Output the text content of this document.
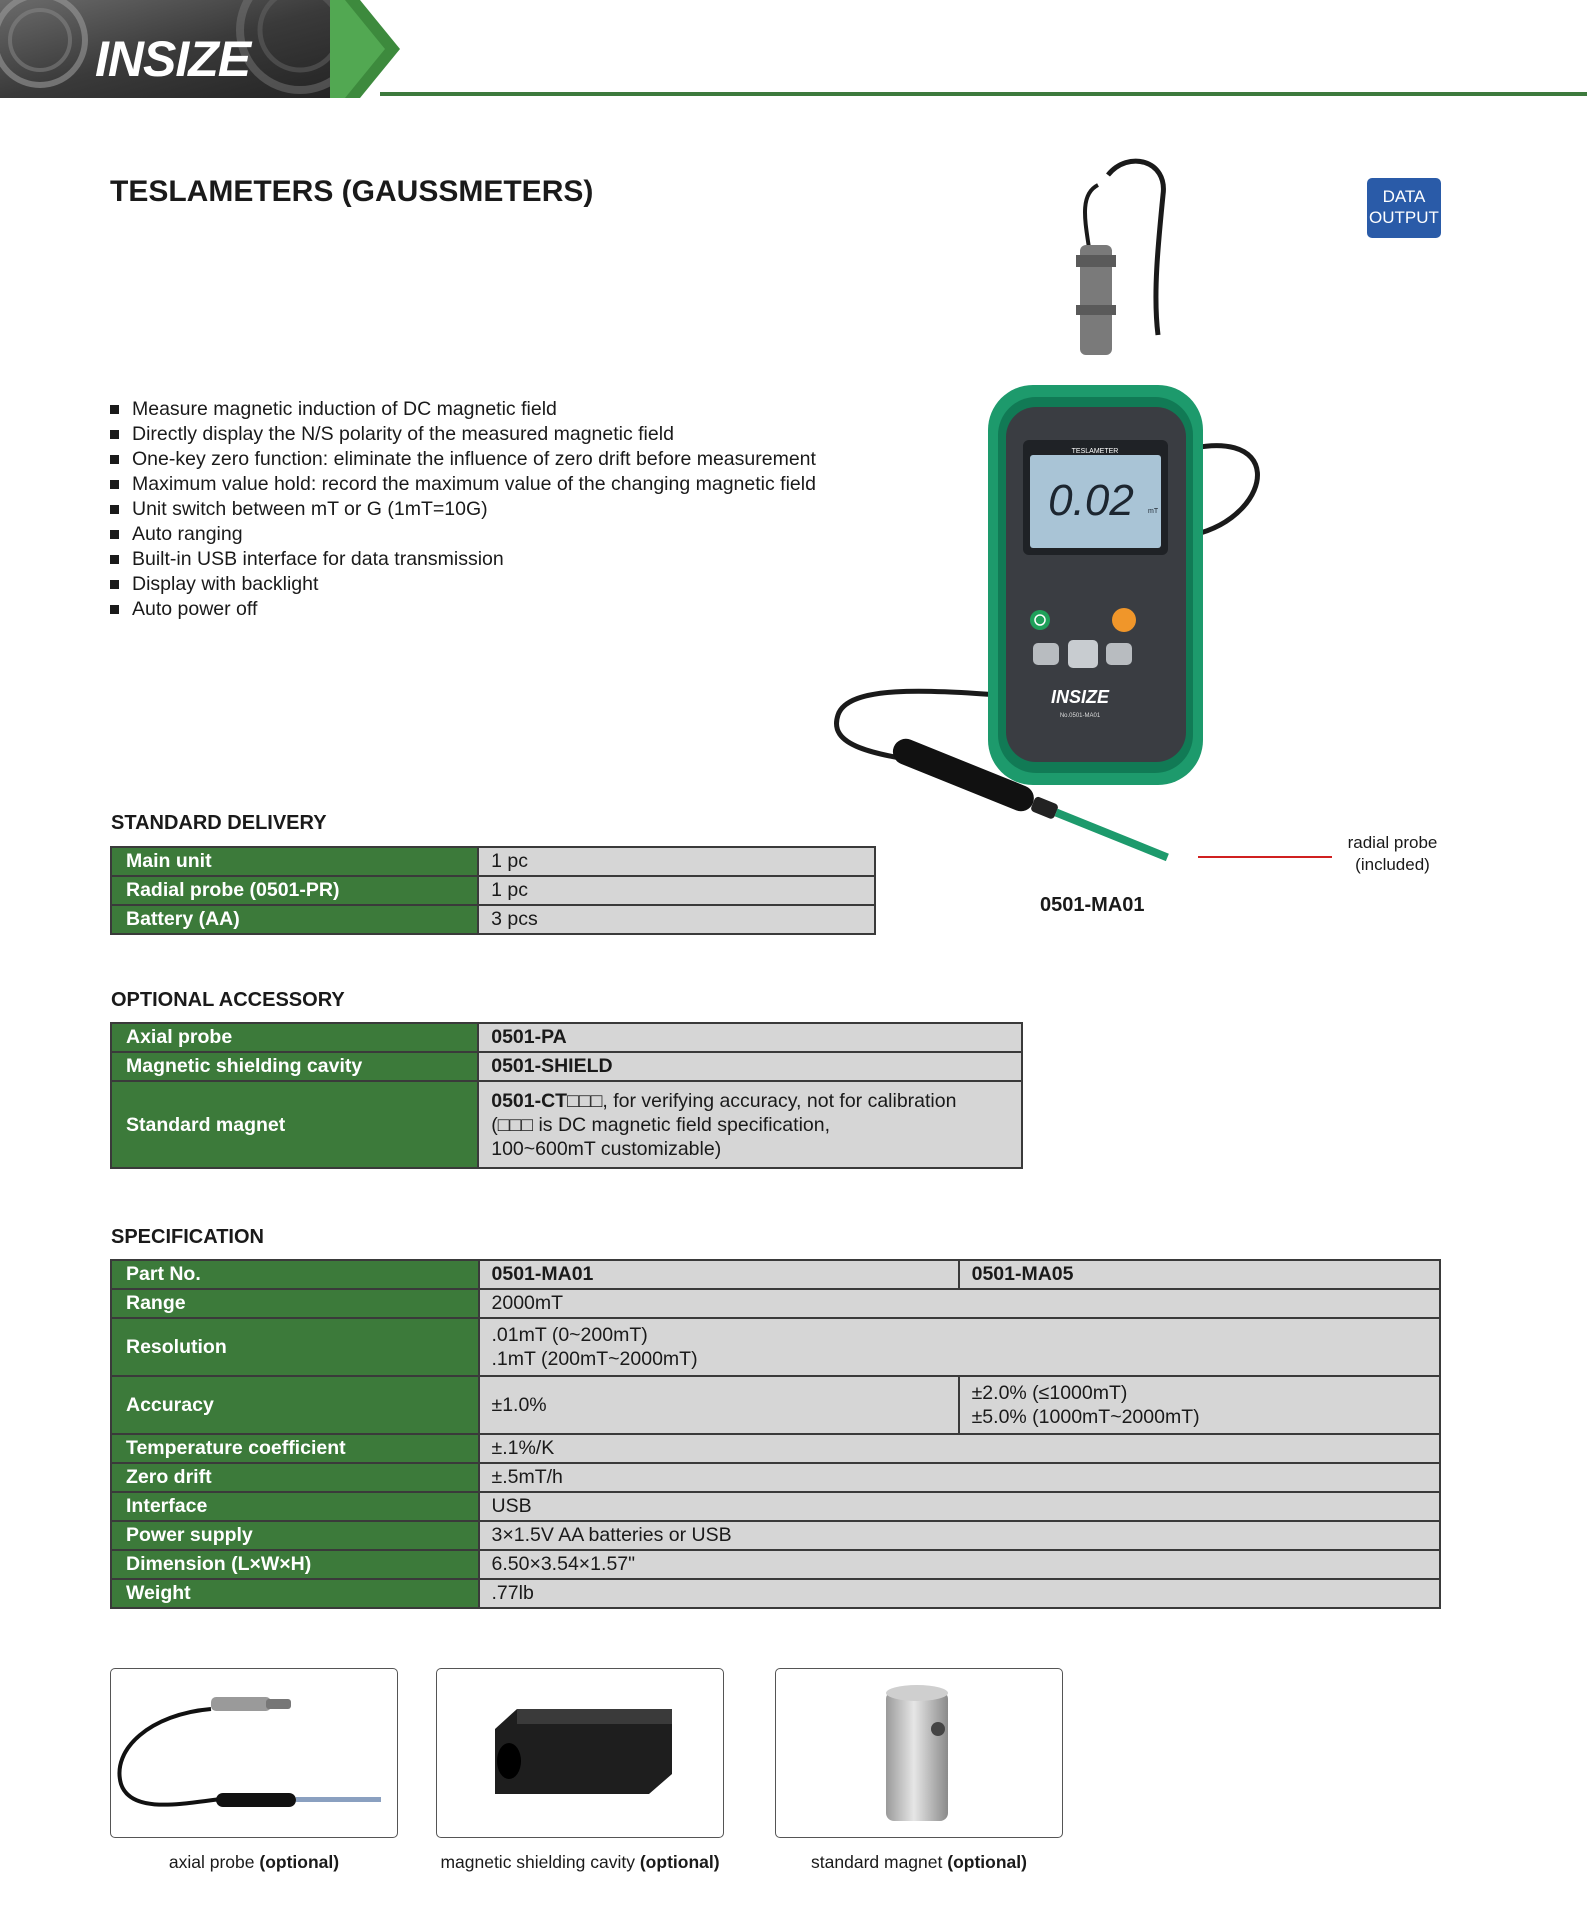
INSIZE
TESLAMETERS (GAUSSMETERS)	DATA
OUTPUT
Measure magnetic induction of DC magnetic field
Directly display the N/S polarity of the measured magnetic field
One-key zero function: eliminate the influence of zero drift before measurement
Maximum value hold: record the maximum value of the changing magnetic field
Unit switch between mT or G (1mT=10G)
Auto ranging
Built-in USB interface for data transmission
Display with backlight
Auto power off
TESLAMETER
0.02 mT
INSIZE
No.0501-MA01
radial probe
(included)
0501-MA01
STANDARD DELIVERY
Main unit	1 pc
Radial probe (0501-PR)	1 pc
Battery (AA)	3 pcs
OPTIONAL ACCESSORY
Axial probe	0501-PA
Magnetic shielding cavity	0501-SHIELD
Standard magnet	0501-CT□□□, for verifying accuracy, not for calibration
(□□□ is DC magnetic field specification,
100~600mT customizable)
SPECIFICATION
Part No.	0501-MA01	0501-MA05
Range	2000mT	
Resolution	.01mT (0~200mT)
.1mT (200mT~2000mT)	

Accuracy	±1.0%	±2.0% (≤1000mT)
±5.0% (1000mT~2000mT)

Temperature coefficient	±.1%/K	
Zero drift	±.5mT/h	
Interface	USB	
Power supply	3×1.5V AA batteries or USB	
Dimension (L×W×H)	6.50×3.54×1.57"	
Weight	.77lb	
axial probe (optional)	magnetic shielding cavity (optional)	standard magnet (optional)
